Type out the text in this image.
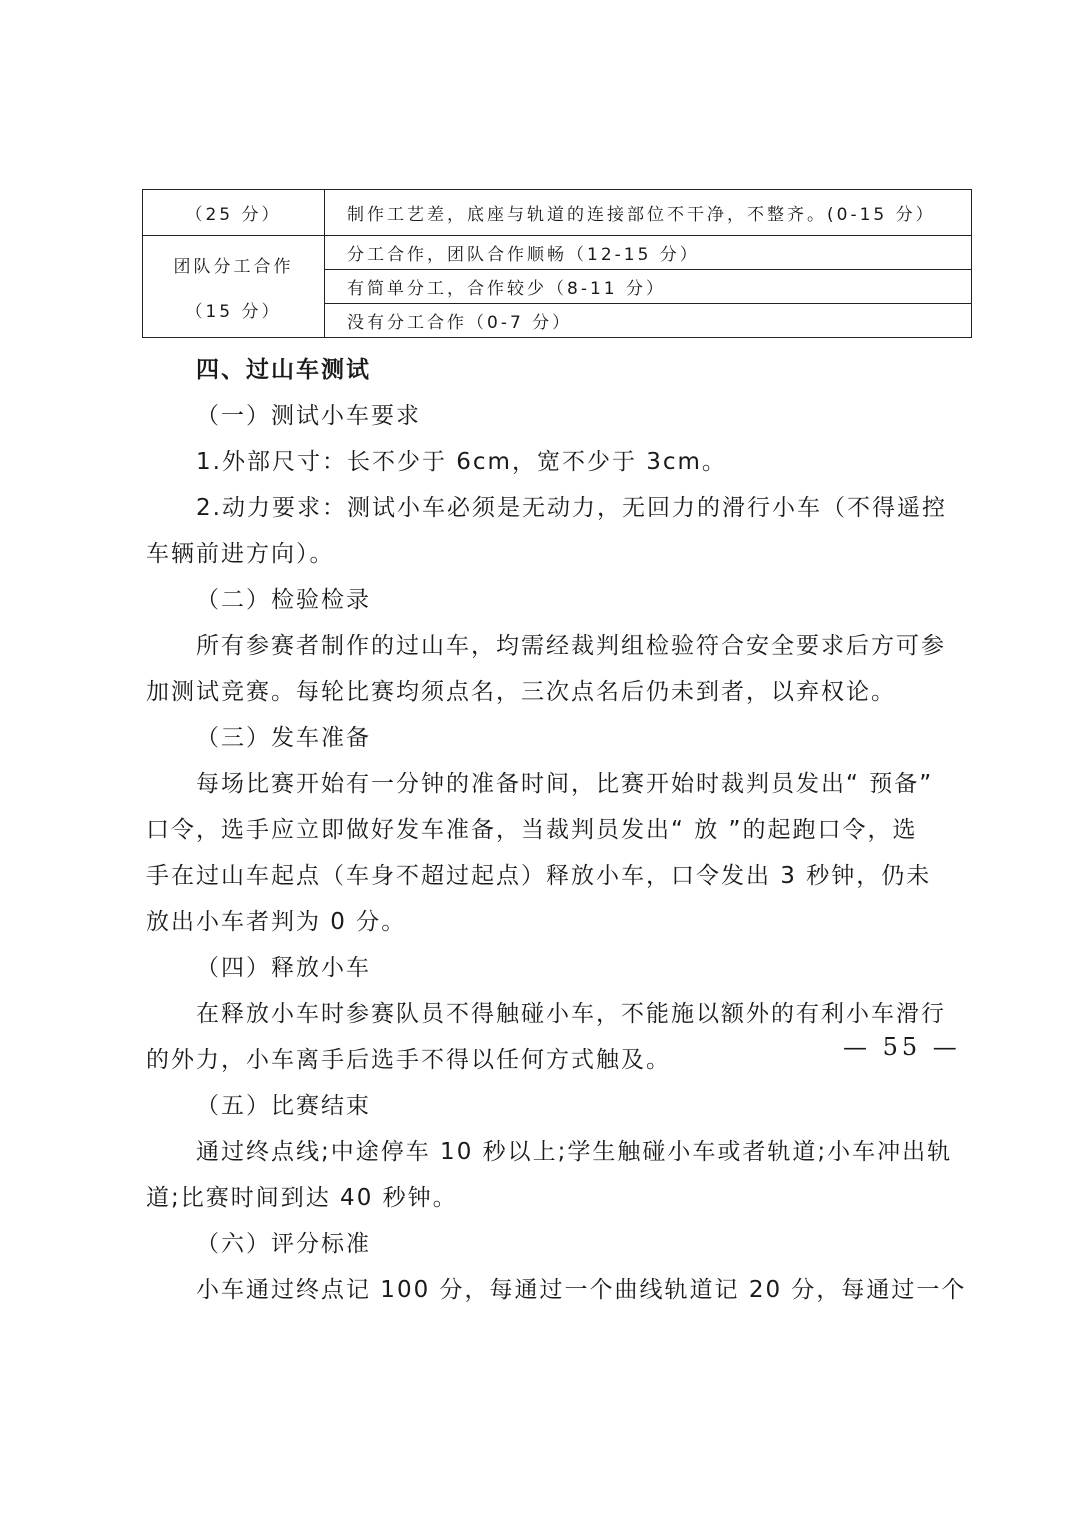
（25 分）	制作工艺差，底座与轨道的连接部位不干净，不整齐。(0-15 分）

团队分工合作
（15 分）	分工合作，团队合作顺畅（12-15 分）
	有简单分工，合作较少（8-11 分）
	没有分工合作（0-7 分）

四、过山车测试

（一）测试小车要求

1.外部尺寸：长不少于 6cm，宽不少于 3cm。

2.动力要求：测试小车必须是无动力，无回力的滑行小车（不得遥控

车辆前进方向）。

（二）检验检录

所有参赛者制作的过山车，均需经裁判组检验符合安全要求后方可参

加测试竞赛。每轮比赛均须点名，三次点名后仍未到者，以弃权论。

（三）发车准备

每场比赛开始有一分钟的准备时间，比赛开始时裁判员发出“ 预备”

口令，选手应立即做好发车准备，当裁判员发出“ 放 ”的起跑口令，选

手在过山车起点（车身不超过起点）释放小车，口令发出 3 秒钟，仍未

放出小车者判为 0 分。

（四）释放小车

在释放小车时参赛队员不得触碰小车，不能施以额外的有利小车滑行

的外力，小车离手后选手不得以任何方式触及。

（五）比赛结束

通过终点线;中途停车 10 秒以上;学生触碰小车或者轨道;小车冲出轨

道;比赛时间到达 40 秒钟。

（六）评分标准

小车通过终点记 100 分，每通过一个曲线轨道记 20 分，每通过一个

— 55 —
